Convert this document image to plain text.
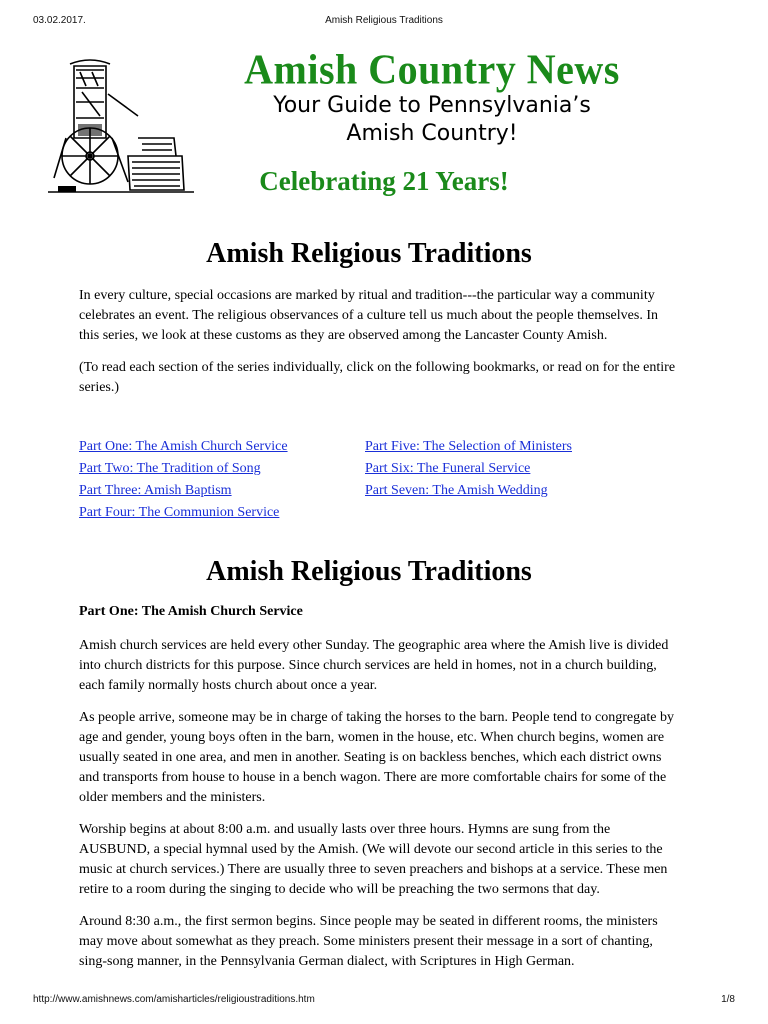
03.02.2017.	Amish Religious Traditions
Amish Country News
Your Guide to Pennsylvania’s
Amish Country!
Celebrating 21 Years!
Amish Religious Traditions

In every culture, special occasions are marked by ritual and tradition---the particular way a community celebrates an event. The religious observances of a culture tell us much about the people themselves. In this series, we look at these customs as they are observed among the Lancaster County Amish.

(To read each section of the series individually, click on the following bookmarks, or read on for the entire series.)

Part One: The Amish Church Service
Part Two: The Tradition of Song
Part Three: Amish Baptism
Part Four: The Communion Service
Part Five: The Selection of Ministers
Part Six: The Funeral Service
Part Seven: The Amish Wedding
Amish Religious Traditions
Part One: The Amish Church Service

Amish church services are held every other Sunday. The geographic area where the Amish live is divided into church districts for this purpose. Since church services are held in homes, not in a church building, each family normally hosts church about once a year.

As people arrive, someone may be in charge of taking the horses to the barn. People tend to congregate by age and gender, young boys often in the barn, women in the house, etc. When church begins, women are usually seated in one area, and men in another. Seating is on backless benches, which each district owns and transports from house to house in a bench wagon. There are more comfortable chairs for some of the older members and the ministers.

Worship begins at about 8:00 a.m. and usually lasts over three hours. Hymns are sung from the AUSBUND, a special hymnal used by the Amish. (We will devote our second article in this series to the music at church services.) There are usually three to seven preachers and bishops at a service. These men retire to a room during the singing to decide who will be preaching the two sermons that day.

Around 8:30 a.m., the first sermon begins. Since people may be seated in different rooms, the ministers may move about somewhat as they preach. Some ministers present their message in a sort of chanting, sing-song manner, in the Pennsylvania German dialect, with Scriptures in High German.

http://www.amishnews.com/amisharticles/religioustraditions.htm	1/8
